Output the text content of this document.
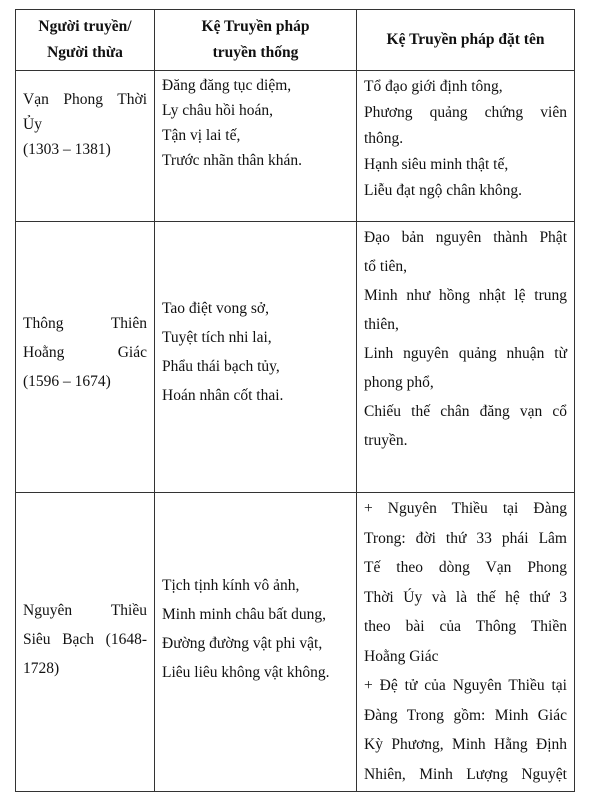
Người truyền/
Người thừa
Kệ Truyền pháp
truyền thống
Kệ Truyền pháp đặt tên
Vạn Phong Thời
Ủy
(1303 – 1381)
Đăng đăng tục diệm,
Ly châu hồi hoán,
Tận vị lai tế,
Trước nhãn thân khán.
Tổ đạo giới định tông,
Phương quảng chứng viên
thông.
Hạnh siêu minh thật tế,
Liễu đạt ngộ chân không.
Thông Thiên
Hoằng Giác
(1596 – 1674)
Tao điệt vong sở,
Tuyệt tích nhi lai,
Phẩu thái bạch tủy,
Hoán nhân cốt thai.
Đạo bản nguyên thành Phật
tổ tiên,
Minh như hồng nhật lệ trung
thiên,
Linh nguyên quảng nhuận từ
phong phổ,
Chiếu thế chân đăng vạn cổ
truyền.
Nguyên Thiều
Siêu Bạch (1648-
1728)
Tịch tịnh kính vô ảnh,
Minh minh châu bất dung,
Đường đường vật phi vật,
Liêu liêu không vật không.
+ Nguyên Thiều tại Đàng
Trong: đời thứ 33 phái Lâm
Tế theo dòng Vạn Phong
Thời Úy và là thế hệ thứ 3
theo bài của Thông Thiền
Hoằng Giác
+ Đệ tử của Nguyên Thiều tại
Đàng Trong gồm: Minh Giác
Kỳ Phương, Minh Hằng Định
Nhiên, Minh Lượng Nguyệt
